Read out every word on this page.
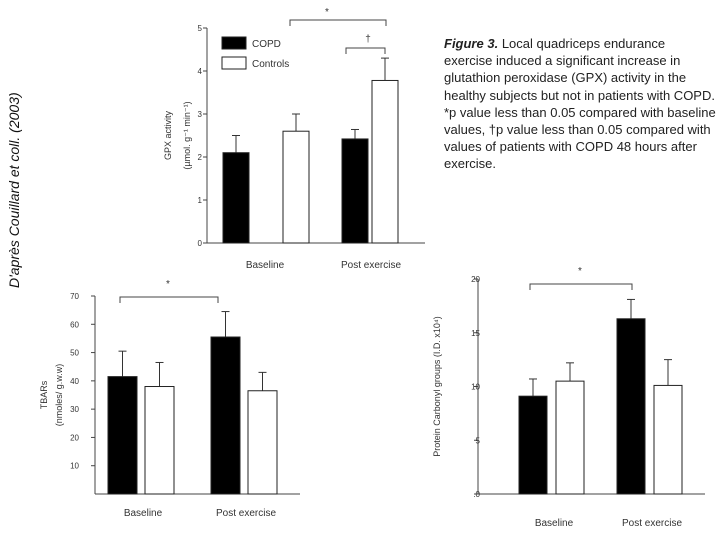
D'après Couillard et coll. (2003)
Figure 3. Local quadriceps endurance exercise induced a significant increase in glutathion peroxidase (GPX) activity in the healthy subjects but not in patients with COPD. *p value less than 0.05 compared with baseline values, †p value less than 0.05 compared with values of patients with COPD 48 hours after exercise.
0
1
2
3
4
5
GPX activity (µmol. g⁻¹ min⁻¹)
Baseline	Post exercise
*
†
COPD
Controls
10
20
30
40
50
60
70
TBARs (nmoles/ g.w.w)
Baseline	Post exercise
*
.0
5
10
15
20
Protein Carbonyl groups (I.D. x10⁴)
Baseline	Post exercise
*
